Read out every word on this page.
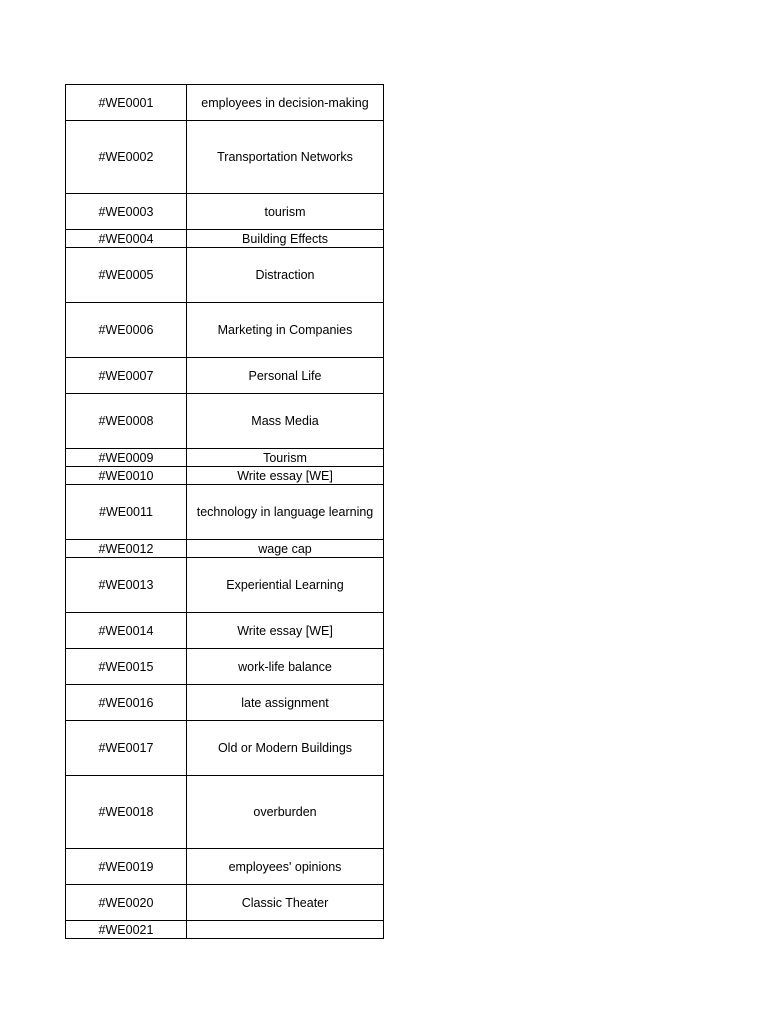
#WE0001	employees in decision-making
#WE0002	Transportation Networks
#WE0003	tourism
#WE0004	Building Effects
#WE0005	Distraction
#WE0006	Marketing in Companies
#WE0007	Personal Life
#WE0008	Mass Media
#WE0009	Tourism
#WE0010	Write essay [WE]
#WE0011	technology in language learning
#WE0012	wage cap
#WE0013	Experiential Learning
#WE0014	Write essay [WE]
#WE0015	work-life balance
#WE0016	late assignment
#WE0017	Old or Modern Buildings
#WE0018	overburden
#WE0019	employees' opinions
#WE0020	Classic Theater
#WE0021	
